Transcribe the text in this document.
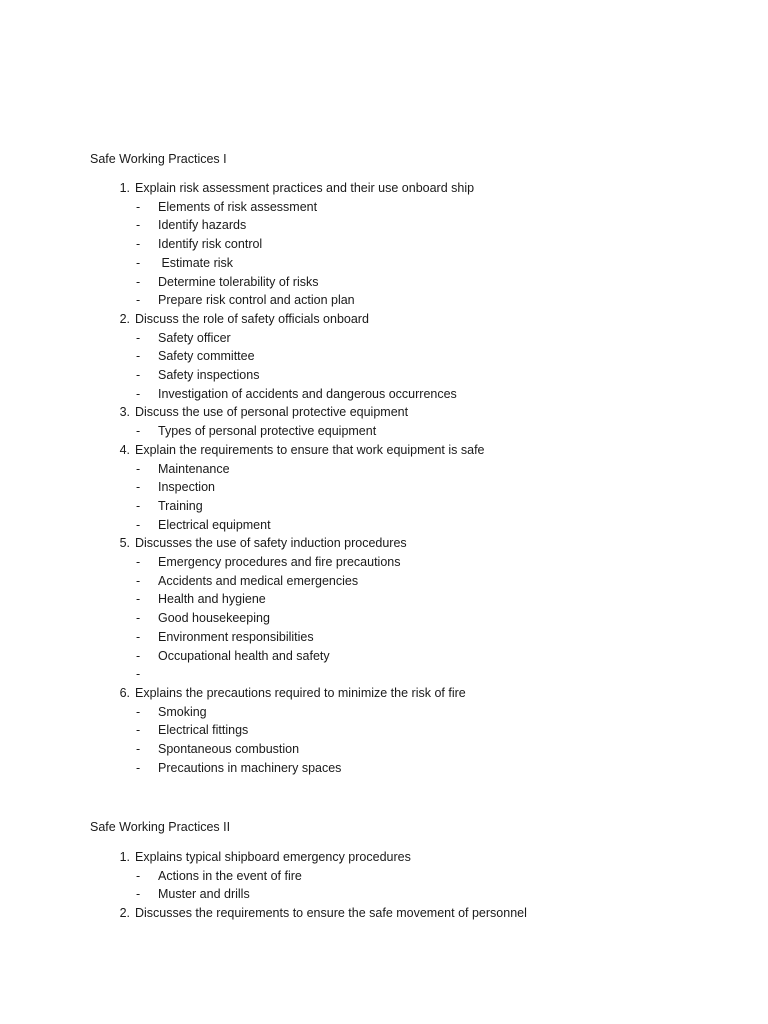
Safe Working Practices I
1. Explain risk assessment practices and their use onboard ship
- Elements of risk assessment
- Identify hazards
- Identify risk control
- Estimate risk
- Determine tolerability of risks
- Prepare risk control and action plan
2. Discuss the role of safety officials onboard
- Safety officer
- Safety committee
- Safety inspections
- Investigation of accidents and dangerous occurrences
3. Discuss the use of personal protective equipment
- Types of personal protective equipment
4. Explain the requirements to ensure that work equipment is safe
- Maintenance
- Inspection
- Training
- Electrical equipment
5. Discusses the use of safety induction procedures
- Emergency procedures and fire precautions
- Accidents and medical emergencies
- Health and hygiene
- Good housekeeping
- Environment responsibilities
- Occupational health and safety
-
6. Explains the precautions required to minimize the risk of fire
- Smoking
- Electrical fittings
- Spontaneous combustion
- Precautions in machinery spaces
Safe Working Practices II
1. Explains typical shipboard emergency procedures
- Actions in the event of fire
- Muster and drills
2. Discusses the requirements to ensure the safe movement of personnel
